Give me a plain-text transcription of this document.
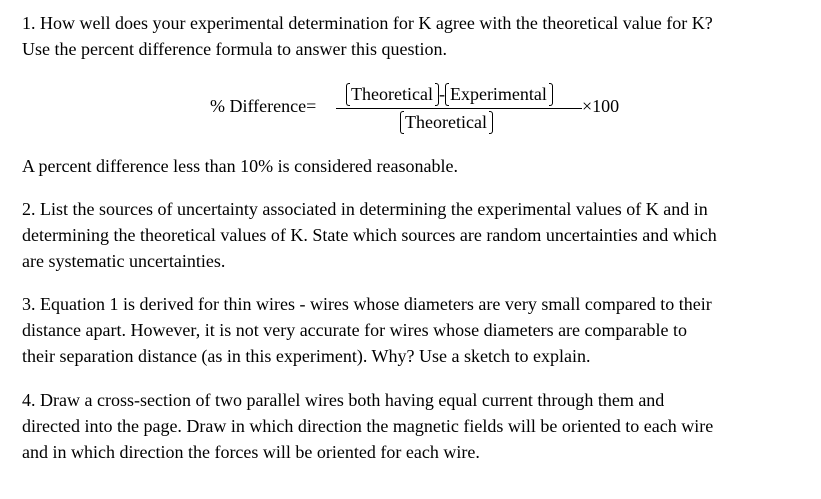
1. How well does your experimental determination for K agree with the theoretical value for K?
Use the percent difference formula to answer this question.
% Difference=
Theoretical - Experimental
Theoretical
×100
A percent difference less than 10% is considered reasonable.
2. List the sources of uncertainty associated in determining the experimental values of K and in
determining the theoretical values of K. State which sources are random uncertainties and which
are systematic uncertainties.
3. Equation 1 is derived for thin wires - wires whose diameters are very small compared to their
distance apart. However, it is not very accurate for wires whose diameters are comparable to
their separation distance (as in this experiment). Why? Use a sketch to explain.
4. Draw a cross-section of two parallel wires both having equal current through them and
directed into the page. Draw in which direction the magnetic fields will be oriented to each wire
and in which direction the forces will be oriented for each wire.
